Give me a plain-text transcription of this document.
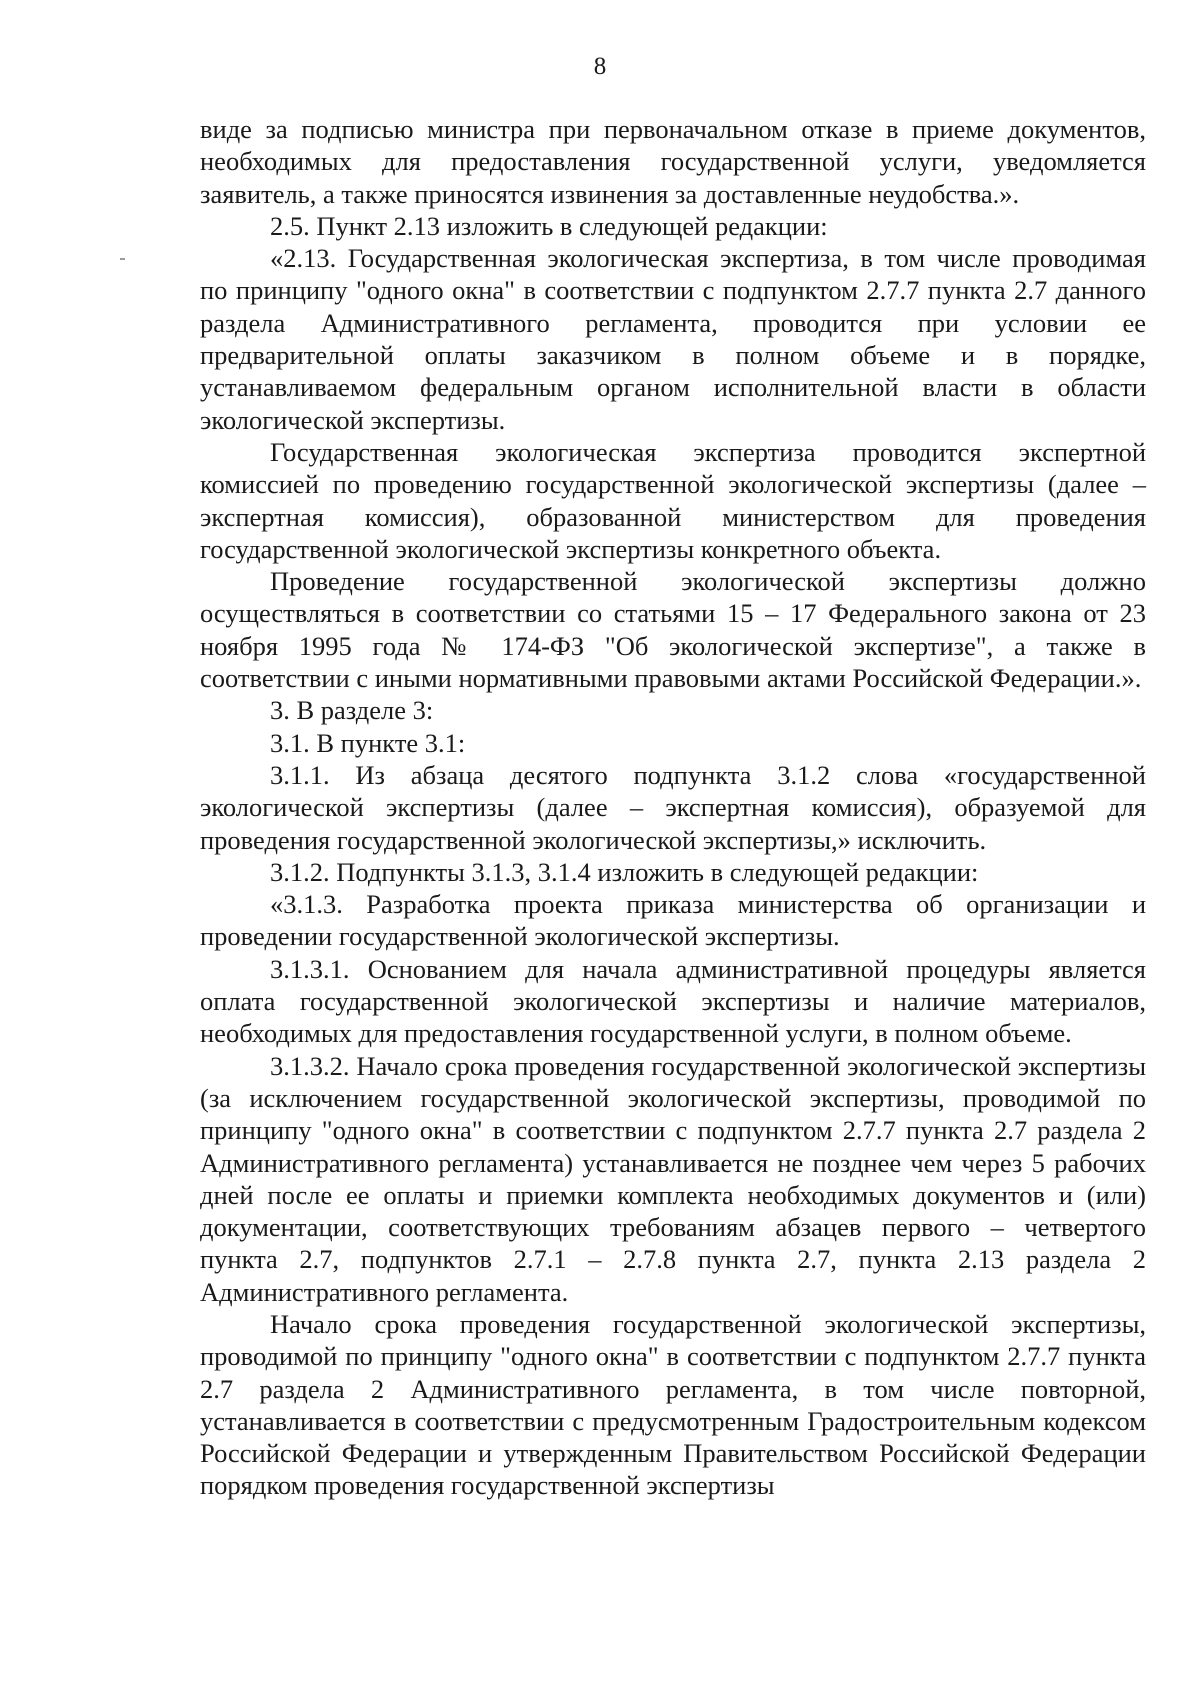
8

виде за подписью министра при первоначальном отказе в приеме документов, необходимых для предоставления государственной услуги, уведомляется заявитель, а также приносятся извинения за доставленные неудобства.».

2.5. Пункт 2.13 изложить в следующей редакции:

«2.13. Государственная экологическая экспертиза, в том числе проводимая по принципу "одного окна" в соответствии с подпунктом 2.7.7 пункта 2.7 данного раздела Административного регламента, проводится при условии ее предварительной оплаты заказчиком в полном объеме и в порядке, устанавливаемом федеральным органом исполнительной власти в области экологической экспертизы.

Государственная экологическая экспертиза проводится экспертной комиссией по проведению государственной экологической экспертизы (далее – экспертная комиссия), образованной министерством для проведения государственной экологической экспертизы конкретного объекта.

Проведение государственной экологической экспертизы должно осуществляться в соответствии со статьями 15 – 17 Федерального закона от 23 ноября 1995 года № 174-ФЗ "Об экологической экспертизе", а также в соответствии с иными нормативными правовыми актами Российской Федерации.».

3. В разделе 3:

3.1. В пункте 3.1:

3.1.1. Из абзаца десятого подпункта 3.1.2 слова «государственной экологической экспертизы (далее – экспертная комиссия), образуемой для проведения государственной экологической экспертизы,» исключить.

3.1.2. Подпункты 3.1.3, 3.1.4 изложить в следующей редакции:

«3.1.3. Разработка проекта приказа министерства об организации и проведении государственной экологической экспертизы.

3.1.3.1. Основанием для начала административной процедуры является оплата государственной экологической экспертизы и наличие материалов, необходимых для предоставления государственной услуги, в полном объеме.

3.1.3.2. Начало срока проведения государственной экологической экспертизы (за исключением государственной экологической экспертизы, проводимой по принципу "одного окна" в соответствии с подпунктом 2.7.7 пункта 2.7 раздела 2 Административного регламента) устанавливается не позднее чем через 5 рабочих дней после ее оплаты и приемки комплекта необходимых документов и (или) документации, соответствующих требованиям абзацев первого – четвертого пункта 2.7, подпунктов 2.7.1 – 2.7.8 пункта 2.7, пункта 2.13 раздела 2 Административного регламента.

Начало срока проведения государственной экологической экспертизы, проводимой по принципу "одного окна" в соответствии с подпунктом 2.7.7 пункта 2.7 раздела 2 Административного регламента, в том числе повторной, устанавливается в соответствии с предусмотренным Градостроительным кодексом Российской Федерации и утвержденным Правительством Российской Федерации порядком проведения государственной экспертизы
